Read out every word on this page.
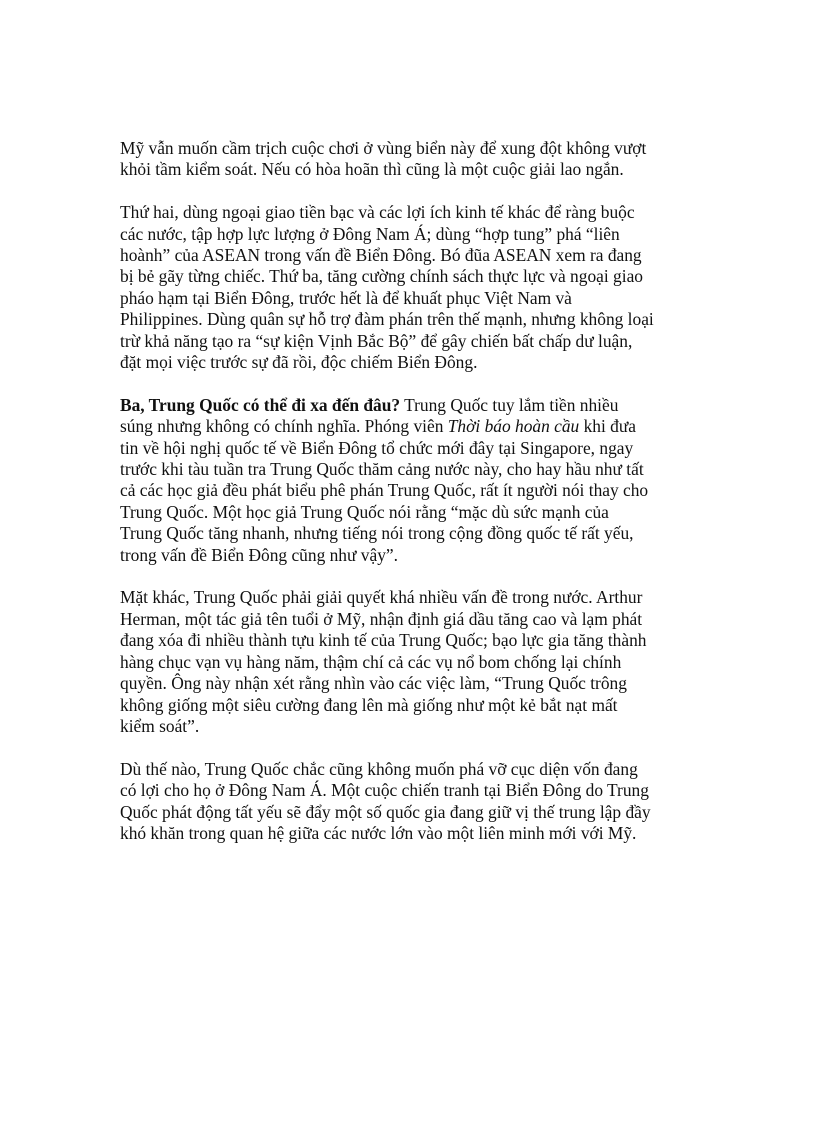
Mỹ vẫn muốn cầm trịch cuộc chơi ở vùng biển này để xung đột không vượt
khỏi tầm kiểm soát. Nếu có hòa hoãn thì cũng là một cuộc giải lao ngắn.

Thứ hai, dùng ngoại giao tiền bạc và các lợi ích kinh tế khác để ràng buộc
các nước, tập hợp lực lượng ở Đông Nam Á; dùng “hợp tung” phá “liên
hoành” của ASEAN trong vấn đề Biển Đông. Bó đũa ASEAN xem ra đang
bị bẻ gãy từng chiếc. Thứ ba, tăng cường chính sách thực lực và ngoại giao
pháo hạm tại Biển Đông, trước hết là để khuất phục Việt Nam và
Philippines. Dùng quân sự hỗ trợ đàm phán trên thế mạnh, nhưng không loại
trừ khả năng tạo ra “sự kiện Vịnh Bắc Bộ” để gây chiến bất chấp dư luận,
đặt mọi việc trước sự đã rồi, độc chiếm Biển Đông.

Ba, Trung Quốc có thể đi xa đến đâu? Trung Quốc tuy lắm tiền nhiều
súng nhưng không có chính nghĩa. Phóng viên Thời báo hoàn cầu khi đưa
tin về hội nghị quốc tế về Biển Đông tổ chức mới đây tại Singapore, ngay
trước khi tàu tuần tra Trung Quốc thăm cảng nước này, cho hay hầu như tất
cả các học giả đều phát biểu phê phán Trung Quốc, rất ít người nói thay cho
Trung Quốc. Một học giả Trung Quốc nói rằng “mặc dù sức mạnh của
Trung Quốc tăng nhanh, nhưng tiếng nói trong cộng đồng quốc tế rất yếu,
trong vấn đề Biển Đông cũng như vậy”.

Mặt khác, Trung Quốc phải giải quyết khá nhiều vấn đề trong nước. Arthur
Herman, một tác giả tên tuổi ở Mỹ, nhận định giá dầu tăng cao và lạm phát
đang xóa đi nhiều thành tựu kinh tế của Trung Quốc; bạo lực gia tăng thành
hàng chục vạn vụ hàng năm, thậm chí cả các vụ nổ bom chống lại chính
quyền. Ông này nhận xét rằng nhìn vào các việc làm, “Trung Quốc trông
không giống một siêu cường đang lên mà giống như một kẻ bắt nạt mất
kiểm soát”.

Dù thế nào, Trung Quốc chắc cũng không muốn phá vỡ cục diện vốn đang
có lợi cho họ ở Đông Nam Á. Một cuộc chiến tranh tại Biển Đông do Trung
Quốc phát động tất yếu sẽ đẩy một số quốc gia đang giữ vị thế trung lập đầy
khó khăn trong quan hệ giữa các nước lớn vào một liên minh mới với Mỹ.
